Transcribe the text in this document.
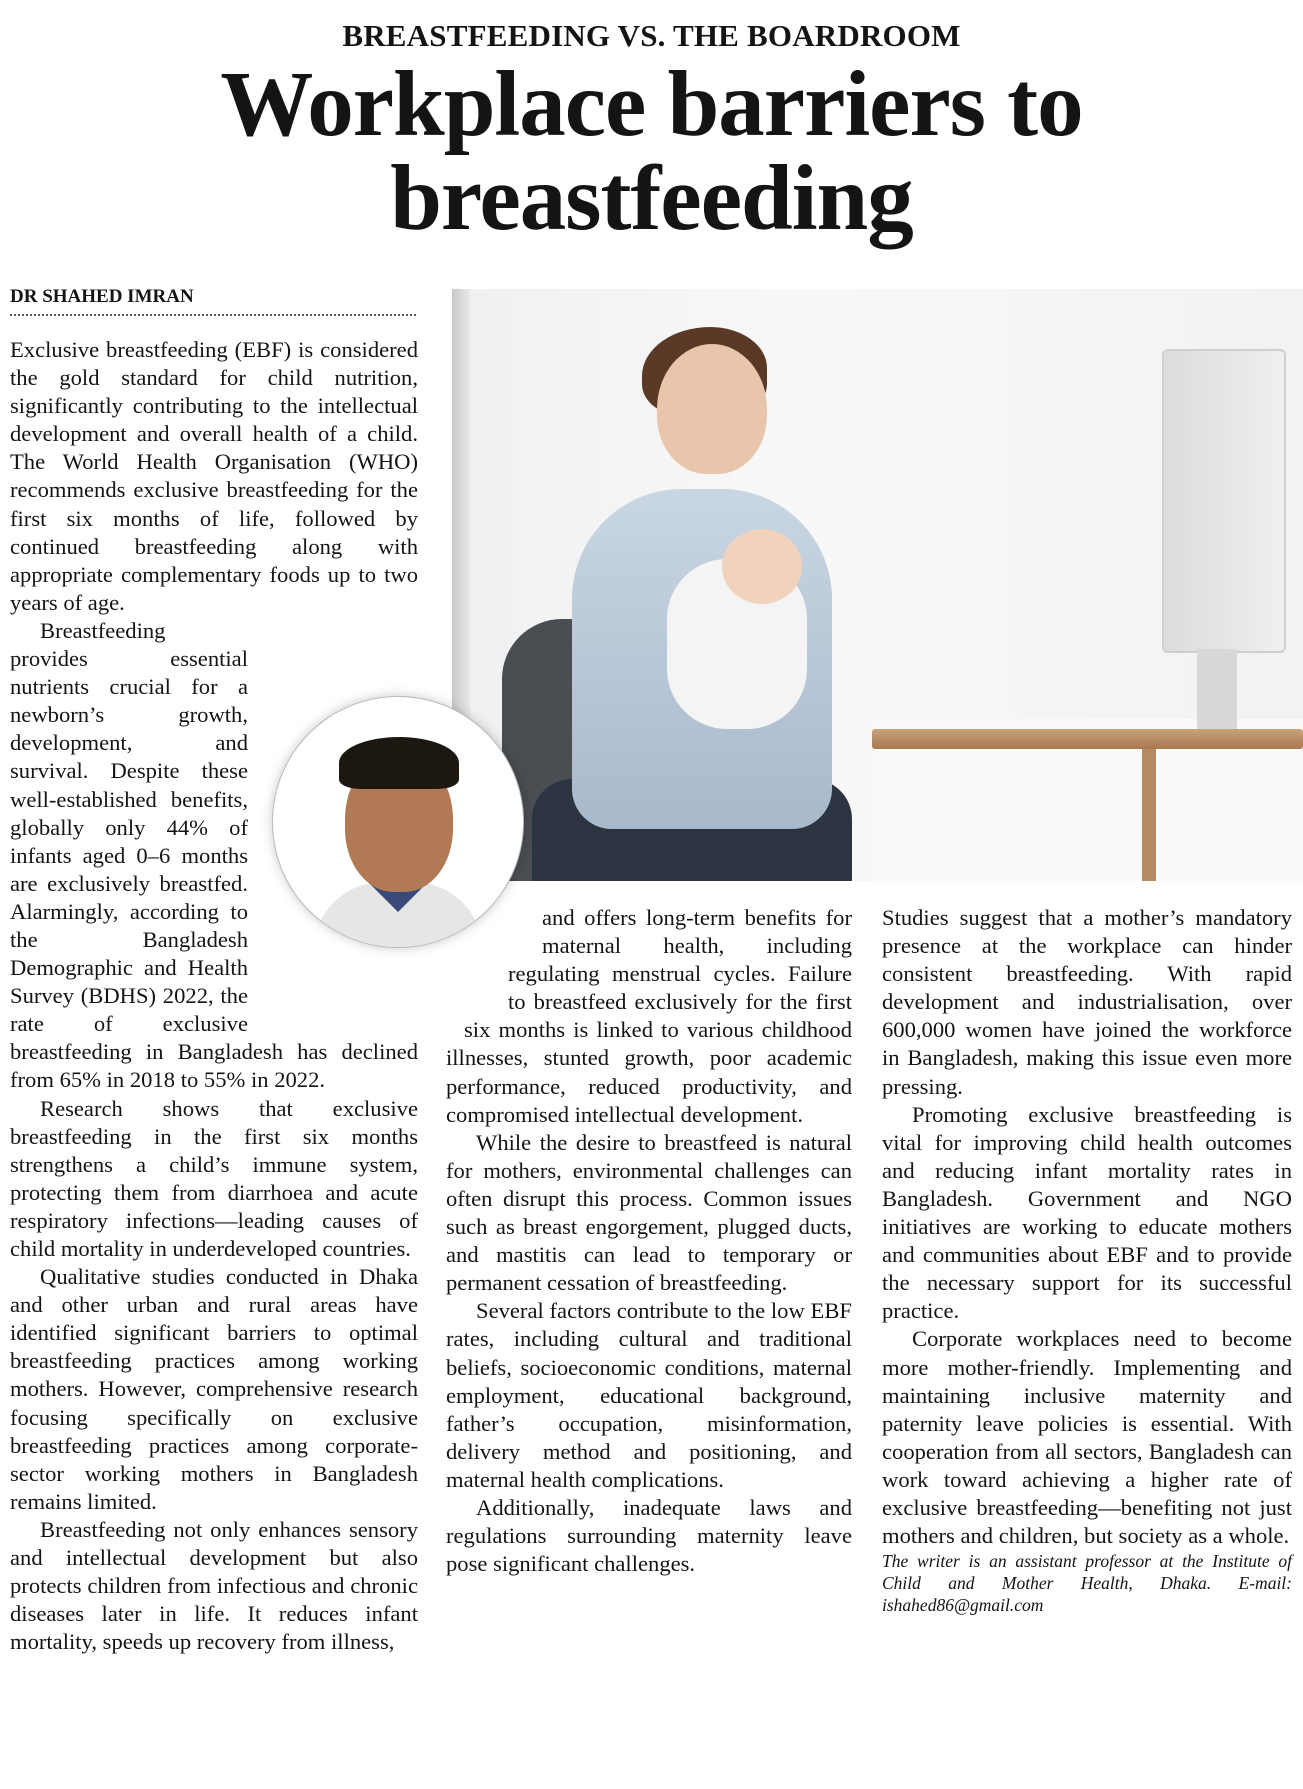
BREASTFEEDING VS. THE BOARDROOM
Workplace barriers to
breastfeeding
DR SHAHED IMRAN

Exclusive breastfeeding (EBF) is considered the gold standard for child nutrition, significantly contributing to the intellectual development and overall health of a child. The World Health Organisation (WHO) recommends exclusive breastfeeding for the first six months of life, followed by continued breastfeeding along with appropriate complementary foods up to two years of age.

Breastfeeding provides essential nutrients crucial for a newborn’s growth, development, and survival. Despite these well-established benefits, globally only 44% of infants aged 0–6 months are exclusively breastfed. Alarmingly, according to the Bangladesh Demographic and Health Survey (BDHS) 2022, the rate of exclusive breastfeeding in Bangladesh has declined from 65% in 2018 to 55% in 2022.

Research shows that exclusive breastfeeding in the first six months strengthens a child’s immune system, protecting them from diarrhoea and acute respiratory infections—leading causes of child mortality in underdeveloped countries.

Qualitative studies conducted in Dhaka and other urban and rural areas have identified significant barriers to optimal breastfeeding practices among working mothers. However, comprehensive research focusing specifically on exclusive breastfeeding practices among corporate-sector working mothers in Bangladesh remains limited.

Breastfeeding not only enhances sensory and intellectual development but also protects children from infectious and chronic diseases later in life. It reduces infant mortality, speeds up recovery from illness,

and offers long-term benefits for maternal health, including regulating menstrual cycles. Failure to breastfeed exclusively for the first six months is linked to various childhood illnesses, stunted growth, poor academic performance, reduced productivity, and compromised intellectual development.

While the desire to breastfeed is natural for mothers, environmental challenges can often disrupt this process. Common issues such as breast engorgement, plugged ducts, and mastitis can lead to temporary or permanent cessation of breastfeeding.

Several factors contribute to the low EBF rates, including cultural and traditional beliefs, socioeconomic conditions, maternal employment, educational background, father’s occupation, misinformation, delivery method and positioning, and maternal health complications.

Additionally, inadequate laws and regulations surrounding maternity leave pose significant challenges.

Studies suggest that a mother’s mandatory presence at the workplace can hinder consistent breastfeeding. With rapid development and industrialisation, over 600,000 women have joined the workforce in Bangladesh, making this issue even more pressing.

Promoting exclusive breastfeeding is vital for improving child health outcomes and reducing infant mortality rates in Bangladesh. Government and NGO initiatives are working to educate mothers and communities about EBF and to provide the necessary support for its successful practice.

Corporate workplaces need to become more mother-friendly. Implementing and maintaining inclusive maternity and paternity leave policies is essential. With cooperation from all sectors, Bangladesh can work toward achieving a higher rate of exclusive breastfeeding—benefiting not just mothers and children, but society as a whole.

The writer is an assistant professor at the Institute of Child and Mother Health, Dhaka. E-mail: ishahed86@gmail.com
